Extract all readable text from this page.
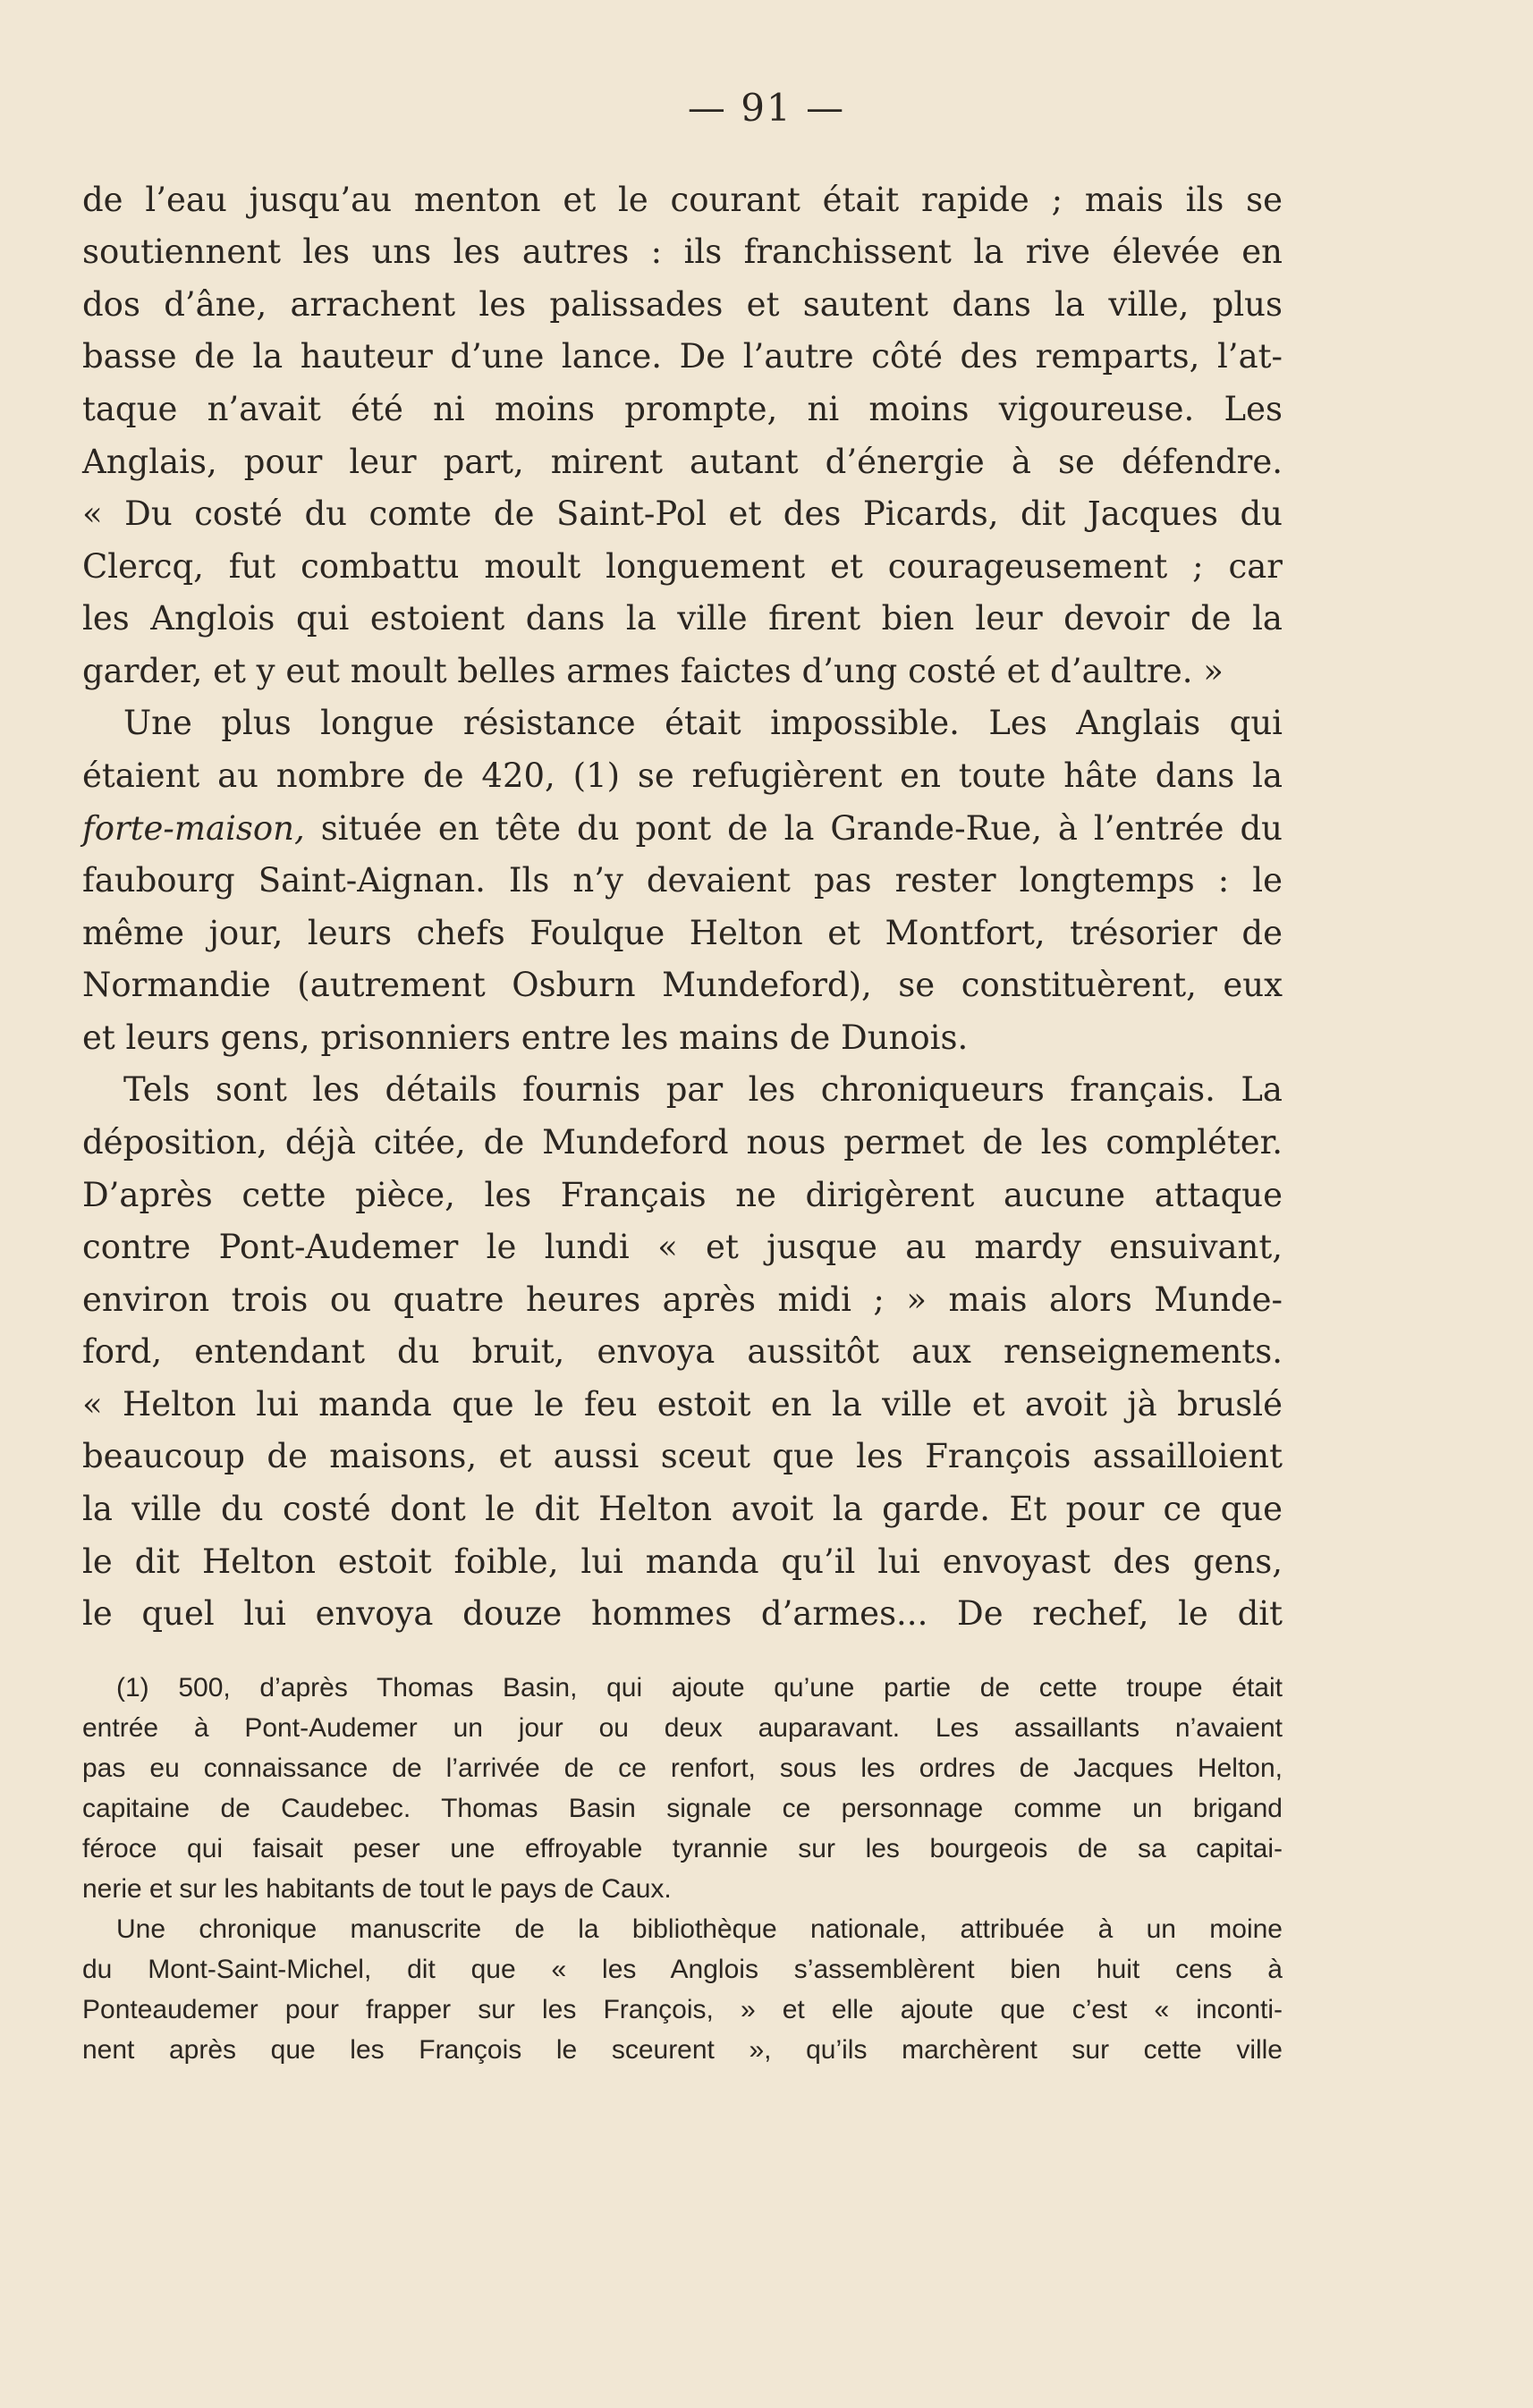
— 91 —
de l’eau jusqu’au menton et le courant était rapide ; mais ils se
soutiennent les uns les autres : ils franchissent la rive élevée en
dos d’âne, arrachent les palissades et sautent dans la ville, plus
basse de la hauteur d’une lance. De l’autre côté des remparts, l’at-
taque n’avait été ni moins prompte, ni moins vigoureuse. Les
Anglais, pour leur part, mirent autant d’énergie à se défendre.
« Du costé du comte de Saint-Pol et des Picards, dit Jacques du
Clercq, fut combattu moult longuement et courageusement ; car
les Anglois qui estoient dans la ville firent bien leur devoir de la
garder, et y eut moult belles armes faictes d’ung costé et d’aultre. »
Une plus longue résistance était impossible. Les Anglais qui
étaient au nombre de 420, (1) se refugièrent en toute hâte dans la
forte-maison, située en tête du pont de la Grande-Rue, à l’entrée du
faubourg Saint-Aignan. Ils n’y devaient pas rester longtemps : le
même jour, leurs chefs Foulque Helton et Montfort, trésorier de
Normandie (autrement Osburn Mundeford), se constituèrent, eux
et leurs gens, prisonniers entre les mains de Dunois.
Tels sont les détails fournis par les chroniqueurs français. La
déposition, déjà citée, de Mundeford nous permet de les compléter.
D’après cette pièce, les Français ne dirigèrent aucune attaque
contre Pont-Audemer le lundi « et jusque au mardy ensuivant,
environ trois ou quatre heures après midi ; » mais alors Munde-
ford, entendant du bruit, envoya aussitôt aux renseignements.
« Helton lui manda que le feu estoit en la ville et avoit jà bruslé
beaucoup de maisons, et aussi sceut que les François assailloient
la ville du costé dont le dit Helton avoit la garde. Et pour ce que
le dit Helton estoit foible, lui manda qu’il lui envoyast des gens,
le quel lui envoya douze hommes d’armes... De rechef, le dit
(1) 500, d’après Thomas Basin, qui ajoute qu’une partie de cette troupe était
entrée à Pont-Audemer un jour ou deux auparavant. Les assaillants n’avaient
pas eu connaissance de l’arrivée de ce renfort, sous les ordres de Jacques Helton,
capitaine de Caudebec. Thomas Basin signale ce personnage comme un brigand
féroce qui faisait peser une effroyable tyrannie sur les bourgeois de sa capitai-
nerie et sur les habitants de tout le pays de Caux.
Une chronique manuscrite de la bibliothèque nationale, attribuée à un moine
du Mont-Saint-Michel, dit que « les Anglois s’assemblèrent bien huit cens à
Ponteaudemer pour frapper sur les François, » et elle ajoute que c’est « inconti-
nent après que les François le sceurent », qu’ils marchèrent sur cette ville
